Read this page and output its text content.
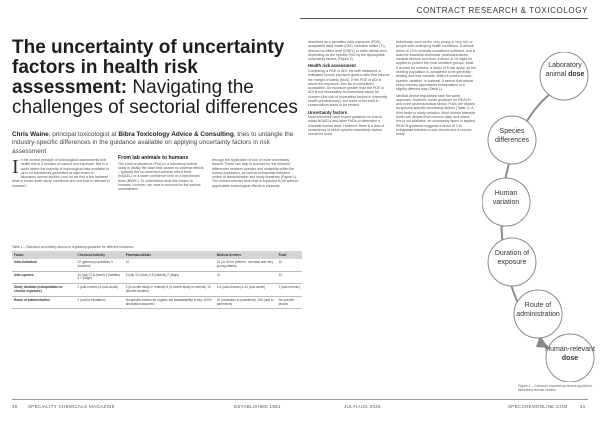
CONTRACT RESEARCH & TOXICOLOGY
The uncertainty of uncertainty factors in health risk assessment: Navigating the challenges of sectorial differences

Chris Waine, principal toxicologist at Bibra Toxicology Advice & Consulting, tries to untangle the industry-specific differences in the guidance available on applying uncertainty factors in risk assessment

I n the central principle of toxicological assessments that health risk is a function of hazard and exposure. But in a world where the majority of toxicological data available to us is on substances generated at high doses in laboratory animal studies, how do we find a link between what is found under study conditions and one that is relevant to humans?
From lab animals to humans

The point of departure (PoD) in a laboratory animal study is ideally the dose that causes no adverse effects – typically the no-observed-adverse-effect level (NOAEL) or a lower confidence limit on a benchmark dose (BMDL). To understand what this means to humans, however, we have to account for the various uncertainties

through the application of one or more uncertainty factors. These can help to account for the inherent differences between species and variability within the human population, as well as extrapolate between routes of administration and study durations (Figure 1). The human-relevant level that is expected to be without appreciable toxicological effects is variously

described as a permitted daily exposure (PDE), acceptable daily intake (ADI), tolerable intake (TI), derived no-effect level (DNEL) or other similar term depending on the specific PoD by the appropriate uncertainty factors (Figure 2).

Health risk assessment

Comparing a PDE or ADI, etc with measured or estimated human exposure gives a ratio that informs the margin of safety (MoS). If the PDE or ADI is above the exposure, the risk is considered acceptable. An exposure greater than the PDE or ADI is not necessarily an immediate cause for concern (the use of uncertainty factors is inherently health-precautionary), but some of the built-in conservatism starts to be eroded.

Uncertainty factors

Most industries have expert guidance on how to adapt NOAELs and other PoDs to determine a tolerable human level. However, there is a lack of consistency in which specific uncertainty factors should be used.

individuals, such as the very young or very old, or people with underlying health conditions. A default factor of 10 is normally considered sufficient, and is used for industrial chemicals, pharmaceuticals, medical devices and food. A factor of 10 might be applied to protect the most sensitive groups, while 5 is used for workers, a factor of 5 can apply, as the working population is considered to be generally healthy and less variable. When it comes to inter-species variation, in contrast, it seems that almost every industry approaches extrapolation in a slightly different way (Table 1).

Medical device regulations take the same approach. However, under guidance for REACH and in the pharmaceutical sector, PoDs are divided by species-specific uncertainty factors (Table 1). A third factor is study variation. Most human tolerable levels are derived from chronic data, and where this is not available, an uncertainty factor is applied. REACH guidance suggests a factor of 2 to extrapolate between a sub-chronic and a chronic study.

Table 1 – Standard uncertainty factors in regulatory guidance for different industries
Factor	Chemical industry	Pharmaceuticals	Medical devices	Food
Intra-individual	10 (general population) 5 (workers)	10	10 (or 30 for preterm, neonatal and very young infants)	10
Inter-species	10 (rat) 17.5 (mice) 4 (rabbits) 3.1 (dogs)	5 (rat) 12 (mice) 2.5 (rabbits) 2 (dogs)	10	10
Study duration (extrapolation to chronic exposure)	2 (sub-chronic) 6 (sub-acute)	2 (6-month study in rodents) 5 (3-month study in rodents) 10 (shorter studies)	2-6 (sub-chronic) 6-10 (sub-acute)	2 (sub-chronic)
Route of administration	2 (oral to inhalation)	No specific factors for organic but bioavailability is key; 100% absorption assumed	10 (inhalation to parenteral), 100 (oral to parenteral)	No specific factors
Laboratory animal dose
Species differences
Human variation
Duration of exposure
Route of administration
Human-relevant dose
Figure 1 – Common uncertainty factors applied to laboratory-animal studies
30 SPECIALITY CHEMICALS MAGAZINE	ESTABLISHED 1981	JULY/AUG 2025	SPECCHEMONLINE.COM	31
